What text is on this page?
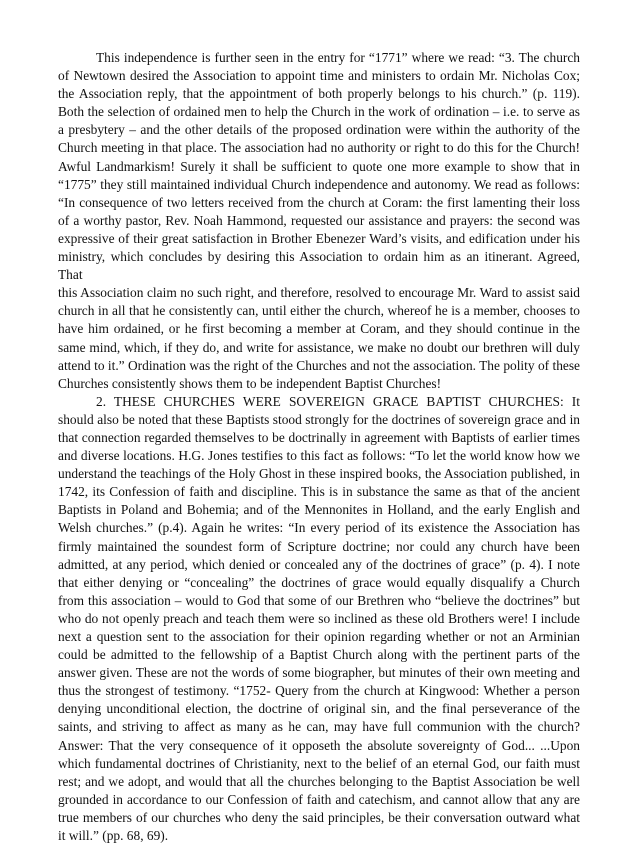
This independence is further seen in the entry for “1771” where we read: “3. The church of Newtown desired the Association to appoint time and ministers to ordain Mr. Nicholas Cox; the Association reply, that the appointment of both properly belongs to his church.” (p. 119). Both the selection of ordained men to help the Church in the work of ordination – i.e. to serve as a presbytery – and the other details of the proposed ordination were within the authority of the Church meeting in that place. The association had no authority or right to do this for the Church! Awful Landmarkism! Surely it shall be sufficient to quote one more example to show that in “1775” they still maintained individual Church independence and autonomy. We read as follows: “In consequence of two letters received from the church at Coram: the first lamenting their loss of a worthy pastor, Rev. Noah Hammond, requested our assistance and prayers: the second was expressive of their great satisfaction in Brother Ebenezer Ward’s visits, and edification under his ministry, which concludes by desiring this Association to ordain him as an itinerant. Agreed, That

this Association claim no such right, and therefore, resolved to encourage Mr. Ward to assist said church in all that he consistently can, until either the church, whereof he is a member, chooses to have him ordained, or he first becoming a member at Coram, and they should continue in the same mind, which, if they do, and write for assistance, we make no doubt our brethren will duly attend to it.” Ordination was the right of the Churches and not the association. The polity of these Churches consistently shows them to be independent Baptist Churches!

2. THESE CHURCHES WERE SOVEREIGN GRACE BAPTIST CHURCHES: It should also be noted that these Baptists stood strongly for the doctrines of sovereign grace and in that connection regarded themselves to be doctrinally in agreement with Baptists of earlier times and diverse locations. H.G. Jones testifies to this fact as follows: “To let the world know how we understand the teachings of the Holy Ghost in these inspired books, the Association published, in 1742, its Confession of faith and discipline. This is in substance the same as that of the ancient Baptists in Poland and Bohemia; and of the Mennonites in Holland, and the early English and Welsh churches.” (p.4). Again he writes: “In every period of its existence the Association has firmly maintained the soundest form of Scripture doctrine; nor could any church have been admitted, at any period, which denied or concealed any of the doctrines of grace” (p. 4). I note that either denying or “concealing” the doctrines of grace would equally disqualify a Church from this association – would to God that some of our Brethren who “believe the doctrines” but who do not openly preach and teach them were so inclined as these old Brothers were! I include next a question sent to the association for their opinion regarding whether or not an Arminian could be admitted to the fellowship of a Baptist Church along with the pertinent parts of the answer given. These are not the words of some biographer, but minutes of their own meeting and thus the strongest of testimony. “1752- Query from the church at Kingwood: Whether a person denying unconditional election, the doctrine of original sin, and the final perseverance of the saints, and striving to affect as many as he can, may have full communion with the church? Answer: That the very consequence of it opposeth the absolute sovereignty of God... ...Upon which fundamental doctrines of Christianity, next to the belief of an eternal God, our faith must rest; and we adopt, and would that all the churches belonging to the Baptist Association be well grounded in accordance to our Confession of faith and catechism, and cannot allow that any are true members of our churches who deny the said principles, be their conversation outward what it will.” (pp. 68, 69).
